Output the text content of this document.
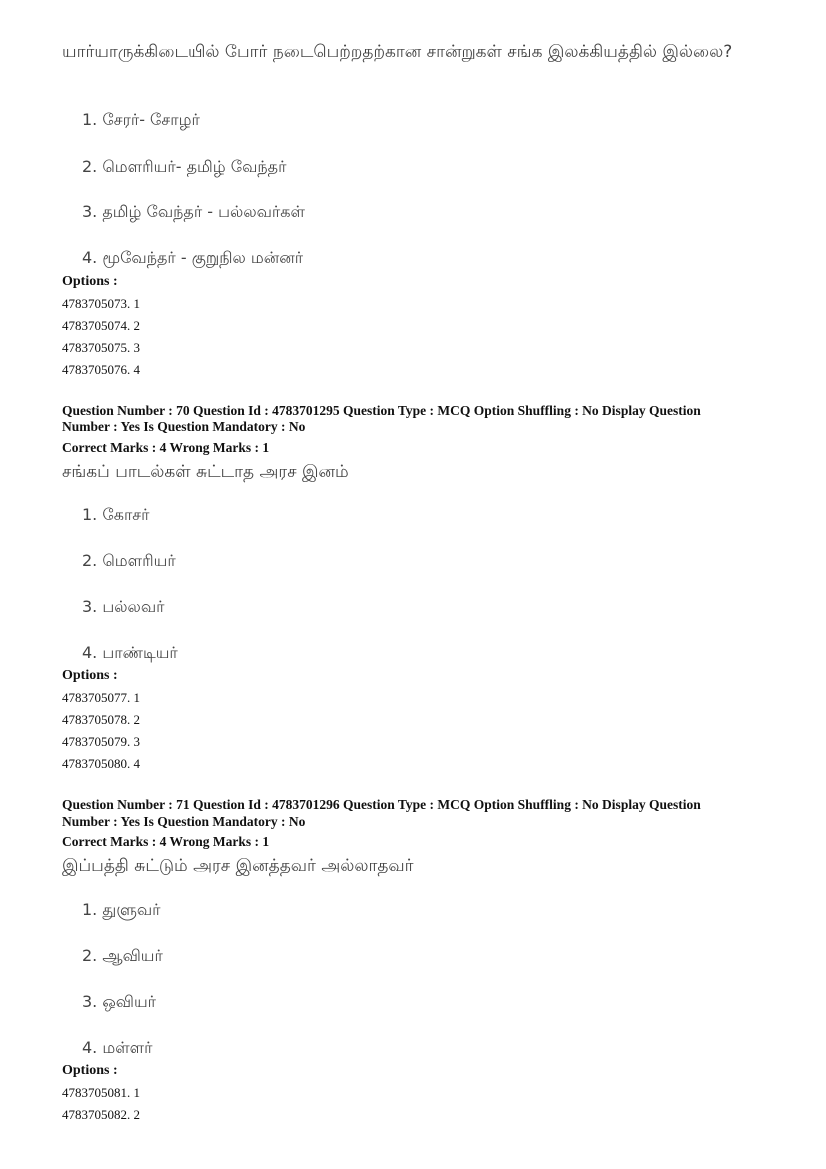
யார்யாருக்கிடையில் போர் நடைபெற்றதற்கான சான்றுகள் சங்க இலக்கியத்தில் இல்லை?
1. சேரர்- சோழர்
2. மௌரியர்- தமிழ் வேந்தர்
3. தமிழ் வேந்தர் - பல்லவர்கள்
4. மூவேந்தர் - குறுநில மன்னர்
Options :
4783705073. 1
4783705074. 2
4783705075. 3
4783705076. 4
Question Number : 70 Question Id : 4783701295 Question Type : MCQ Option Shuffling : No Display Question
Number : Yes Is Question Mandatory : No
Correct Marks : 4 Wrong Marks : 1
சங்கப் பாடல்கள் சுட்டாத அரச இனம்
1. கோசர்
2. மௌரியர்
3. பல்லவர்
4. பாண்டியர்
Options :
4783705077. 1
4783705078. 2
4783705079. 3
4783705080. 4
Question Number : 71 Question Id : 4783701296 Question Type : MCQ Option Shuffling : No Display Question
Number : Yes Is Question Mandatory : No
Correct Marks : 4 Wrong Marks : 1
இப்பத்தி சுட்டும் அரச இனத்தவர் அல்லாதவர்
1. துளுவர்
2. ஆவியர்
3. ஒவியர்
4. மள்ளர்
Options :
4783705081. 1
4783705082. 2
